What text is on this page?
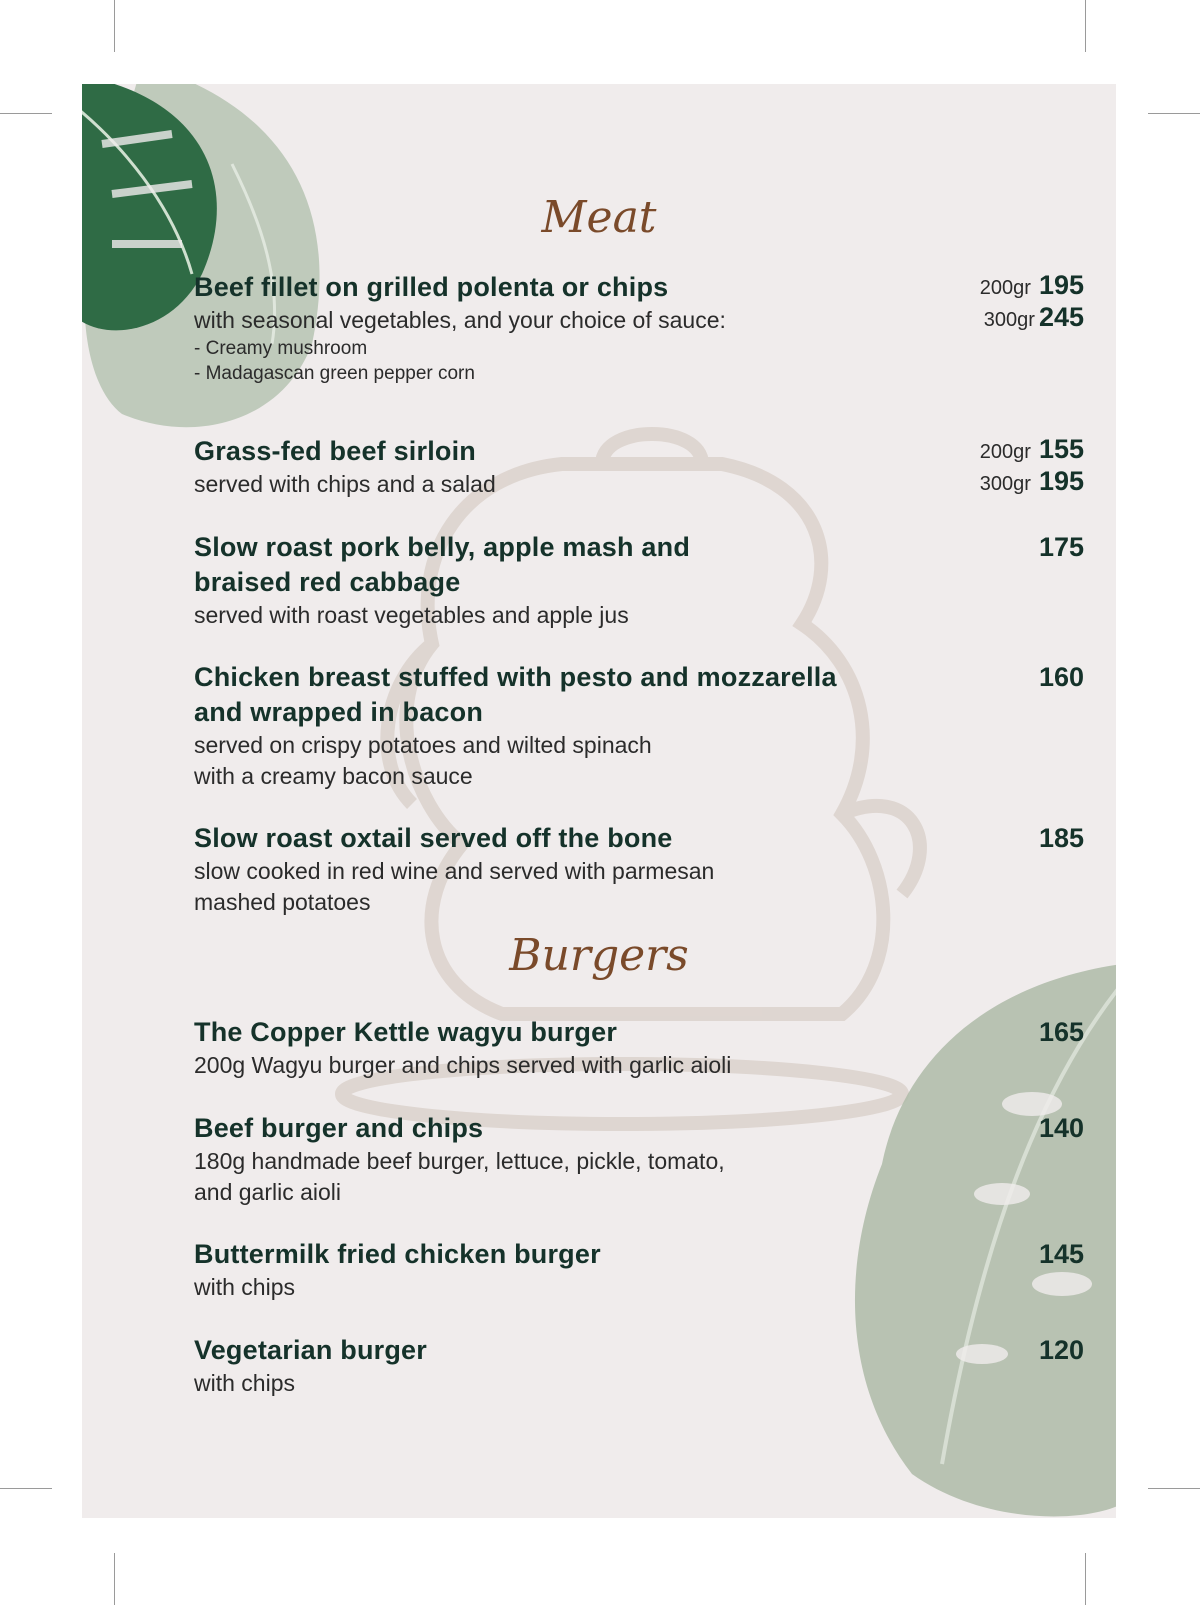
Meat
Beef fillet on grilled polenta or chips
with seasonal vegetables, and your choice of sauce:
- Creamy mushroom
- Madagascan green pepper corn
200gr 195
300gr 245
Grass-fed beef sirloin
served with chips and a salad
200gr 155
300gr 195
Slow roast pork belly, apple mash and
braised red cabbage
served with roast vegetables and apple jus
175
Chicken breast stuffed with pesto and mozzarella
and wrapped in bacon
served on crispy potatoes and wilted spinach
with a creamy bacon sauce
160
Slow roast oxtail served off the bone
slow cooked in red wine and served with parmesan
mashed potatoes
185
Burgers
The Copper Kettle wagyu burger
200g Wagyu burger and chips served with garlic aioli
165
Beef burger and chips
180g handmade beef burger, lettuce, pickle, tomato,
and garlic aioli
140
Buttermilk fried chicken burger
with chips
145
Vegetarian burger
with chips
120
